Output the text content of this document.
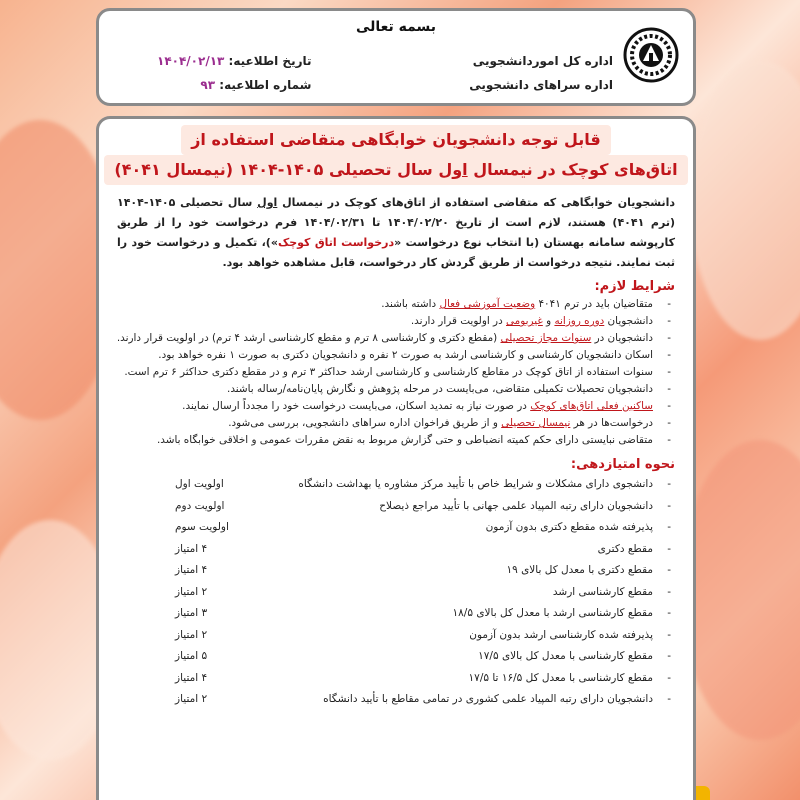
بسمه تعالی
اداره کل اموردانشجویی
اداره سراهای دانشجویی
تاریخ اطلاعیه: ۱۴۰۴/۰۲/۱۳
شماره اطلاعیه: ۹۳
قابل توجه دانشجویان خوابگاهی متقاضی استفاده از
اتاق‌های کوچک در نیمسال اول سال تحصیلی ۱۴۰۵-۱۴۰۴ (نیمسال ۴۰۴۱)
دانشجویان خوابگاهی که متقاضی استفاده از اتاق‌های کوچک در نیمسال اول سال تحصیلی ۱۴۰۵-۱۴۰۴ (ترم ۴۰۴۱) هستند، لازم است از تاریخ ۱۴۰۴/۰۲/۲۰ تا ۱۴۰۴/۰۲/۳۱ فرم درخواست خود را از طریق کارپوشه سامانه بهستان (با انتخاب نوع درخواست «درخواست اتاق کوچک»)، تکمیل و درخواست خود را ثبت نمایند. نتیجه درخواست از طریق گردش کار درخواست، قابل مشاهده خواهد بود.
شرایط لازم:
- متقاضیان باید در ترم ۴۰۴۱ وضعیت آموزشی فعال داشته باشند.
- دانشجویان دوره روزانه و غیربومی در اولویت قرار دارند.
- دانشجویان در سنوات مجاز تحصیلی (مقطع دکتری و کارشناسی ۸ ترم و مقطع کارشناسی ارشد ۴ ترم) در اولویت قرار دارند.
- اسکان دانشجویان کارشناسی و کارشناسی ارشد به صورت ۲ نفره و دانشجویان دکتری به صورت ۱ نفره خواهد بود.
- سنوات استفاده از اتاق کوچک در مقاطع کارشناسی و کارشناسی ارشد حداکثر ۳ ترم و در مقطع دکتری حداکثر ۶ ترم است.
- دانشجویان تحصیلات تکمیلی متقاضی، می‌بایست در مرحله پژوهش و نگارش پایان‌نامه/رساله باشند.
- ساکنین فعلی اتاق‌های کوچک در صورت نیاز به تمدید اسکان، می‌بایست درخواست خود را مجدداً ارسال نمایند.
- درخواست‌ها در هر نیمسال تحصیلی و از طریق فراخوان اداره سراهای دانشجویی، بررسی می‌شود.
- متقاضی نبایستی دارای حکم کمیته انضباطی و حتی گزارش مربوط به نقض مقررات عمومی و اخلاقی خوابگاه باشد.
نحوه امتیازدهی:
- دانشجوی دارای مشکلات و شرایط خاص با تأیید مرکز مشاوره یا بهداشت دانشگاه
اولویت اول
- دانشجویان دارای رتبه المپیاد علمی جهانی با تأیید مراجع ذیصلاح
اولویت دوم
- پذیرفته شده مقطع دکتری بدون آزمون
اولویت سوم
- مقطع دکتری
۴ امتیاز
- مقطع دکتری با معدل کل بالای ۱۹
۴ امتیاز
- مقطع کارشناسی ارشد
۲ امتیاز
- مقطع کارشناسی ارشد با معدل کل بالای ۱۸/۵
۳ امتیاز
- پذیرفته شده کارشناسی ارشد بدون آزمون
۲ امتیاز
- مقطع کارشناسی با معدل کل بالای ۱۷/۵
۵ امتیاز
- مقطع کارشناسی با معدل کل ۱۶/۵ تا ۱۷/۵
۴ امتیاز
- دانشجویان دارای رتبه المپیاد علمی کشوری در تمامی مقاطع با تأیید دانشگاه
۲ امتیاز
